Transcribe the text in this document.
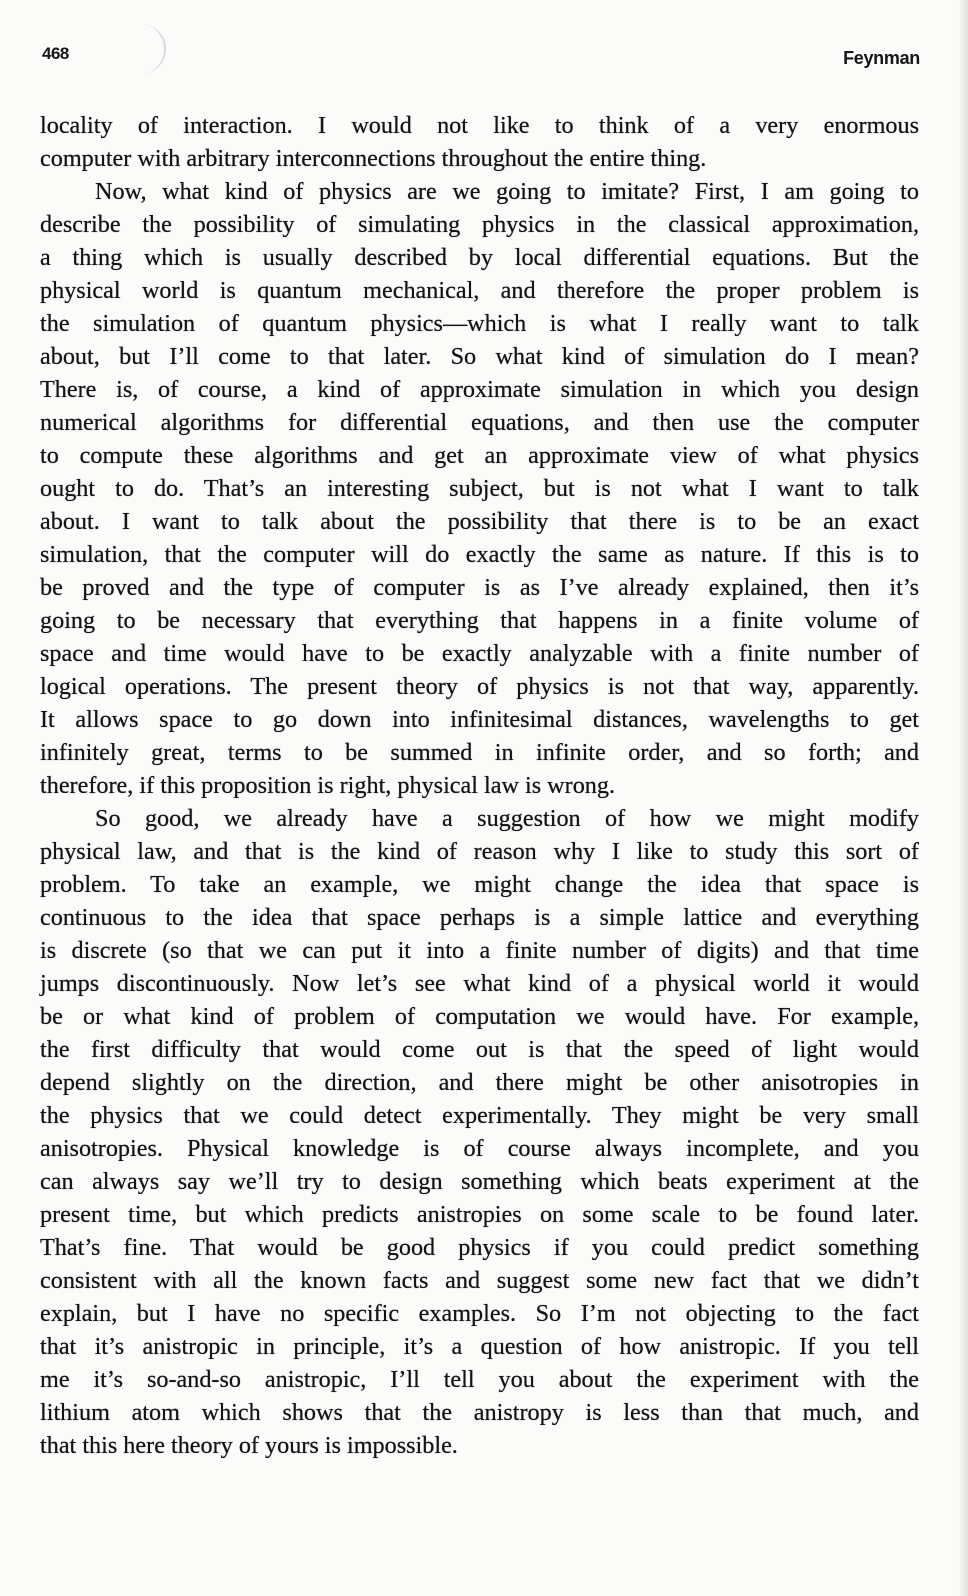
468	Feynman
locality of interaction. I would not like to think of a very enormous
computer with arbitrary interconnections throughout the entire thing.
Now, what kind of physics are we going to imitate? First, I am going to
describe the possibility of simulating physics in the classical approximation,
a thing which is usually described by local differential equations. But the
physical world is quantum mechanical, and therefore the proper problem is
the simulation of quantum physics—which is what I really want to talk
about, but I’ll come to that later. So what kind of simulation do I mean?
There is, of course, a kind of approximate simulation in which you design
numerical algorithms for differential equations, and then use the computer
to compute these algorithms and get an approximate view of what physics
ought to do. That’s an interesting subject, but is not what I want to talk
about. I want to talk about the possibility that there is to be an exact
simulation, that the computer will do exactly the same as nature. If this is to
be proved and the type of computer is as I’ve already explained, then it’s
going to be necessary that everything that happens in a finite volume of
space and time would have to be exactly analyzable with a finite number of
logical operations. The present theory of physics is not that way, apparently.
It allows space to go down into infinitesimal distances, wavelengths to get
infinitely great, terms to be summed in infinite order, and so forth; and
therefore, if this proposition is right, physical law is wrong.
So good, we already have a suggestion of how we might modify
physical law, and that is the kind of reason why I like to study this sort of
problem. To take an example, we might change the idea that space is
continuous to the idea that space perhaps is a simple lattice and everything
is discrete (so that we can put it into a finite number of digits) and that time
jumps discontinuously. Now let’s see what kind of a physical world it would
be or what kind of problem of computation we would have. For example,
the first difficulty that would come out is that the speed of light would
depend slightly on the direction, and there might be other anisotropies in
the physics that we could detect experimentally. They might be very small
anisotropies. Physical knowledge is of course always incomplete, and you
can always say we’ll try to design something which beats experiment at the
present time, but which predicts anistropies on some scale to be found later.
That’s fine. That would be good physics if you could predict something
consistent with all the known facts and suggest some new fact that we didn’t
explain, but I have no specific examples. So I’m not objecting to the fact
that it’s anistropic in principle, it’s a question of how anistropic. If you tell
me it’s so-and-so anistropic, I’ll tell you about the experiment with the
lithium atom which shows that the anistropy is less than that much, and
that this here theory of yours is impossible.
